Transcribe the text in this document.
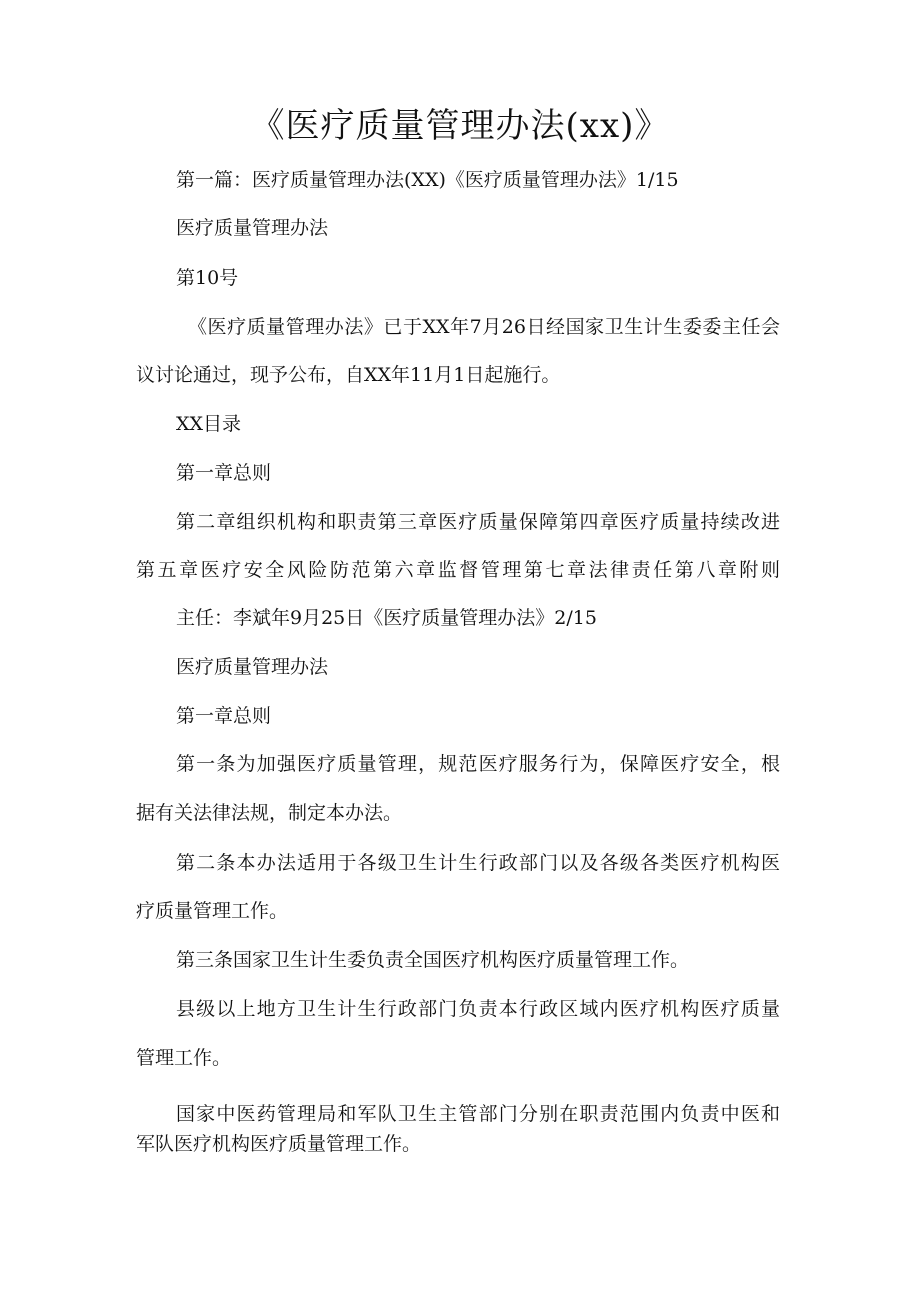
《医疗质量管理办法(xx)》
第一篇：医疗质量管理办法(XX)《医疗质量管理办法》1/15
医疗质量管理办法
第10号
《医疗质量管理办法》已于XX年7月26日经国家卫生计生委委主任会
议讨论通过，现予公布，自XX年11月1日起施行。
XX目录
第一章总则
第二章组织机构和职责第三章医疗质量保障第四章医疗质量持续改进
第五章医疗安全风险防范第六章监督管理第七章法律责任第八章附则
主任：李斌年9月25日《医疗质量管理办法》2/15
医疗质量管理办法
第一章总则
第一条为加强医疗质量管理，规范医疗服务行为，保障医疗安全，根
据有关法律法规，制定本办法。
第二条本办法适用于各级卫生计生行政部门以及各级各类医疗机构医
疗质量管理工作。
第三条国家卫生计生委负责全国医疗机构医疗质量管理工作。
县级以上地方卫生计生行政部门负责本行政区域内医疗机构医疗质量
管理工作。
国家中医药管理局和军队卫生主管部门分别在职责范围内负责中医和
军队医疗机构医疗质量管理工作。
